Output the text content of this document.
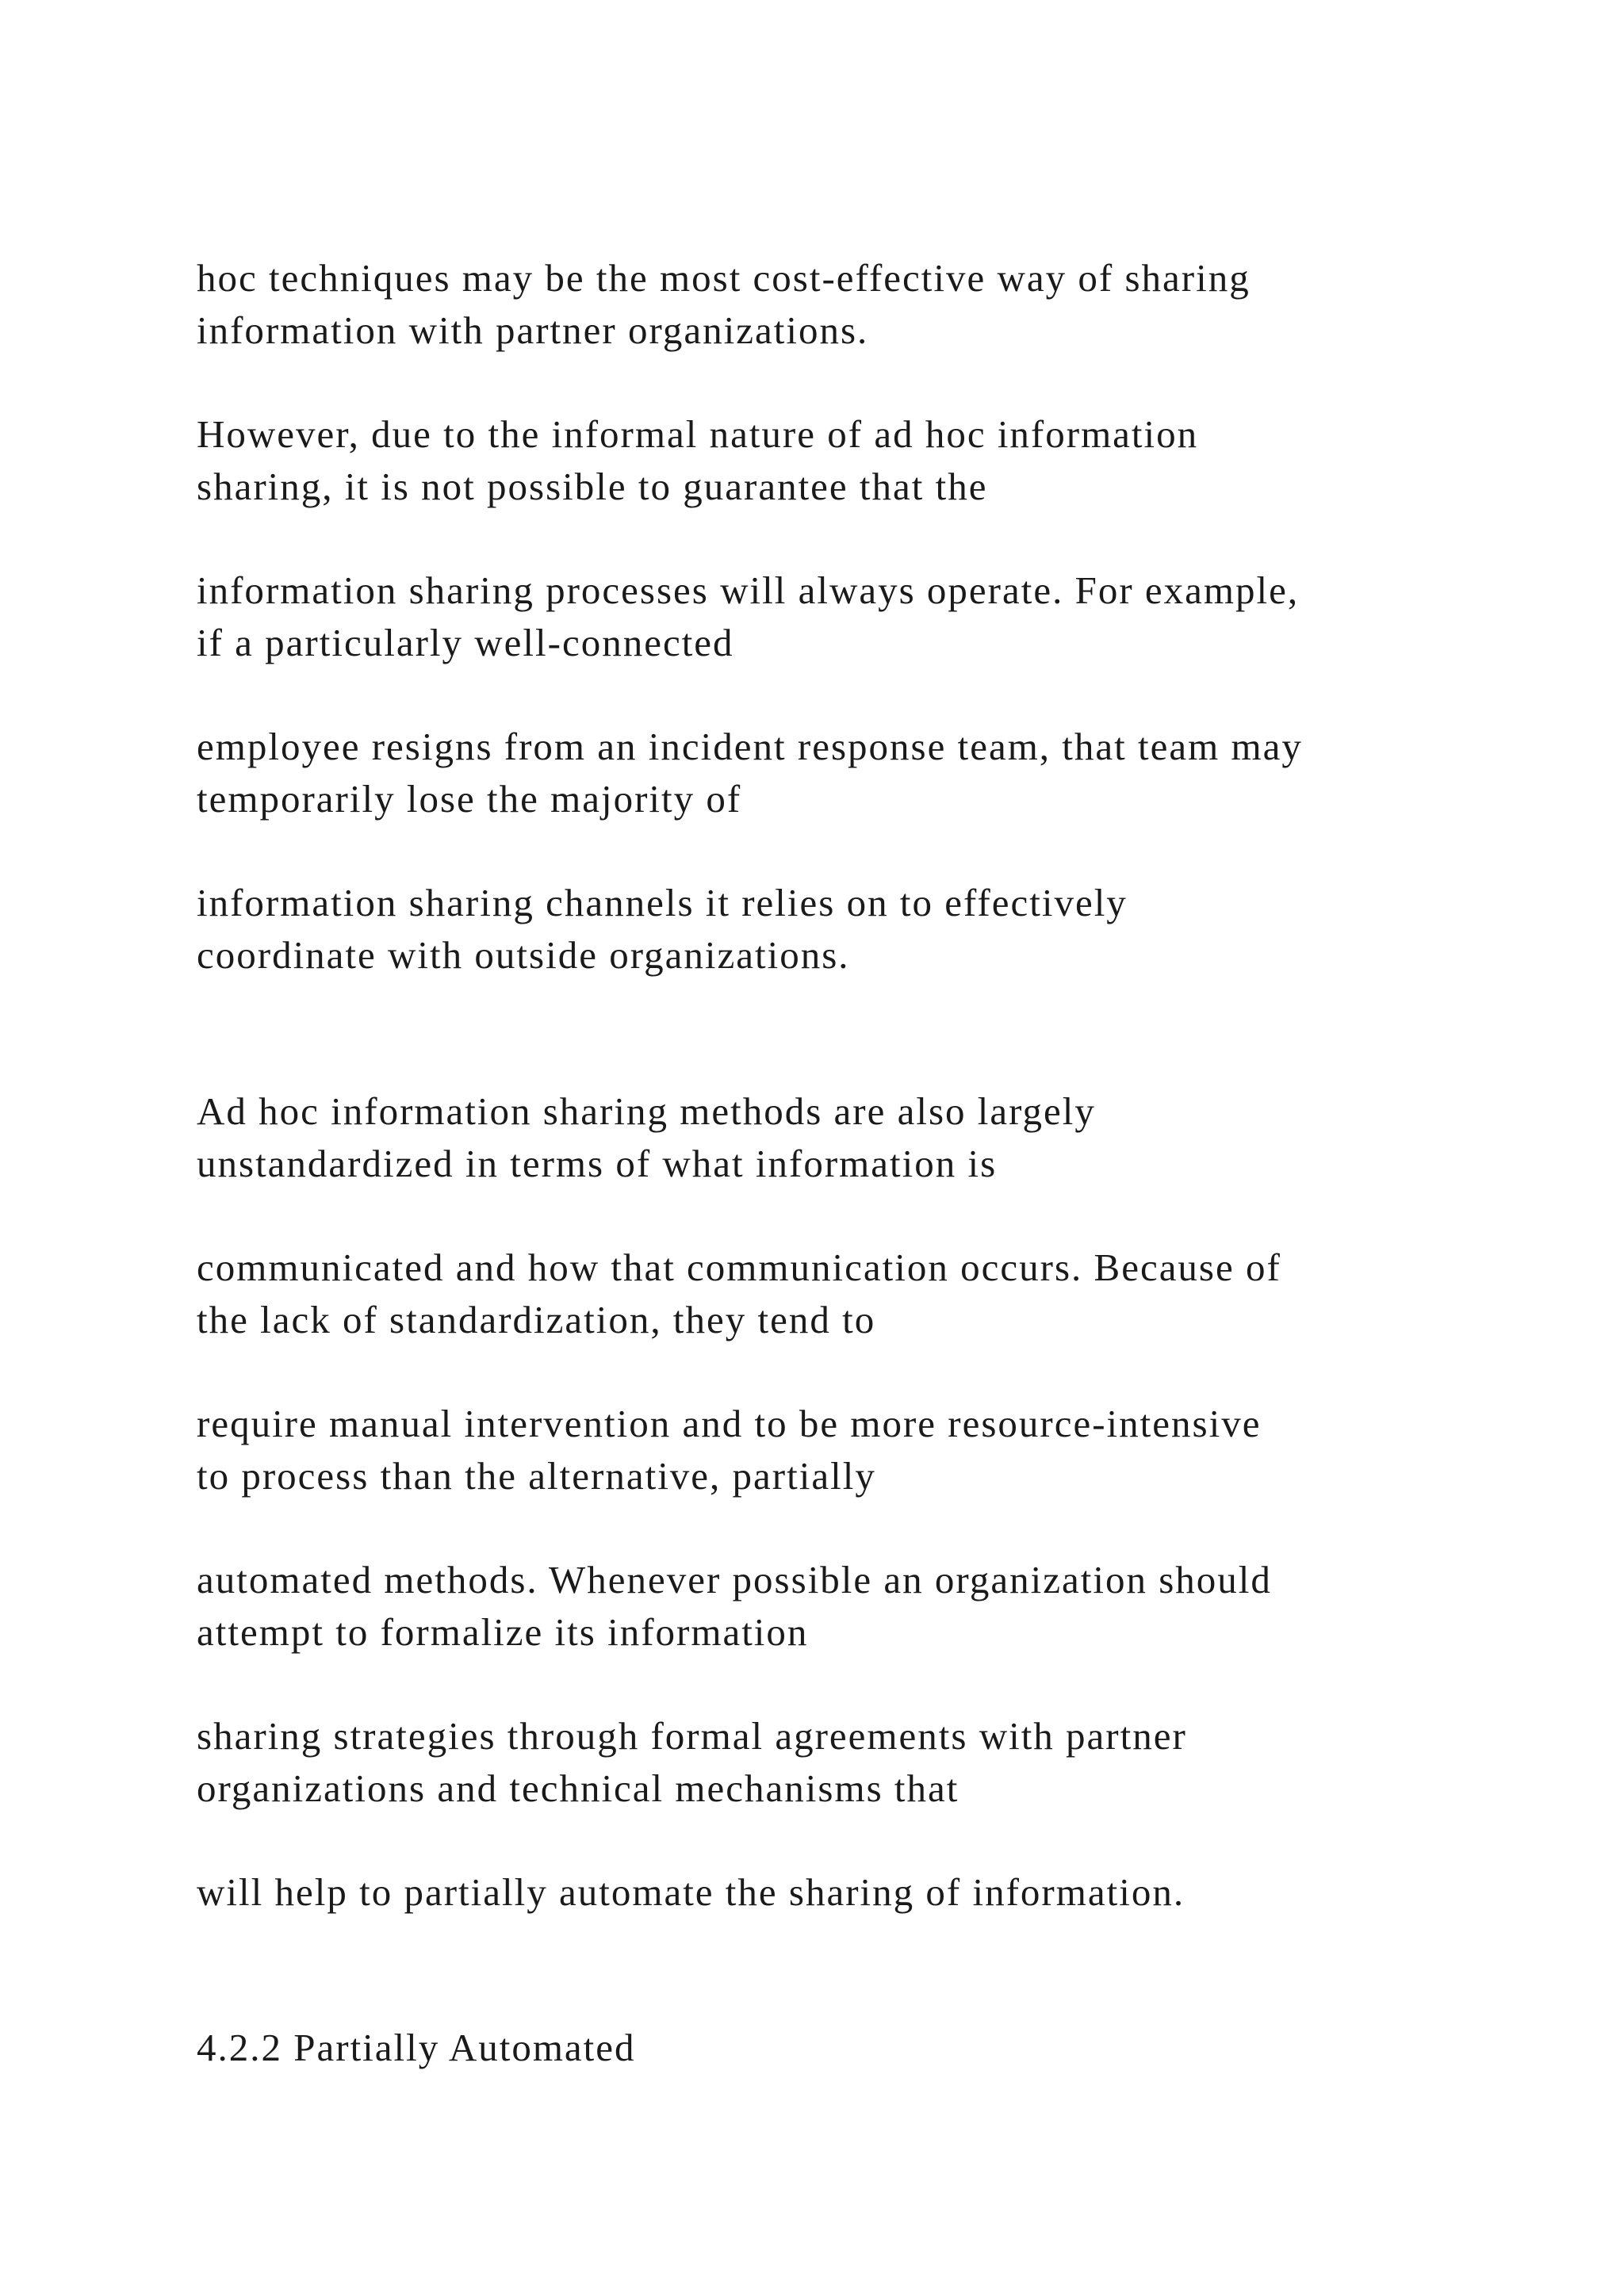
hoc techniques may be the most cost-effective way of sharing
information with partner organizations.

However, due to the informal nature of ad hoc information
sharing, it is not possible to guarantee that the

information sharing processes will always operate. For example,
if a particularly well-connected

employee resigns from an incident response team, that team may
temporarily lose the majority of

information sharing channels it relies on to effectively
coordinate with outside organizations.

Ad hoc information sharing methods are also largely
unstandardized in terms of what information is

communicated and how that communication occurs. Because of
the lack of standardization, they tend to

require manual intervention and to be more resource-intensive
to process than the alternative, partially

automated methods. Whenever possible an organization should
attempt to formalize its information

sharing strategies through formal agreements with partner
organizations and technical mechanisms that

will help to partially automate the sharing of information.

4.2.2 Partially Automated
